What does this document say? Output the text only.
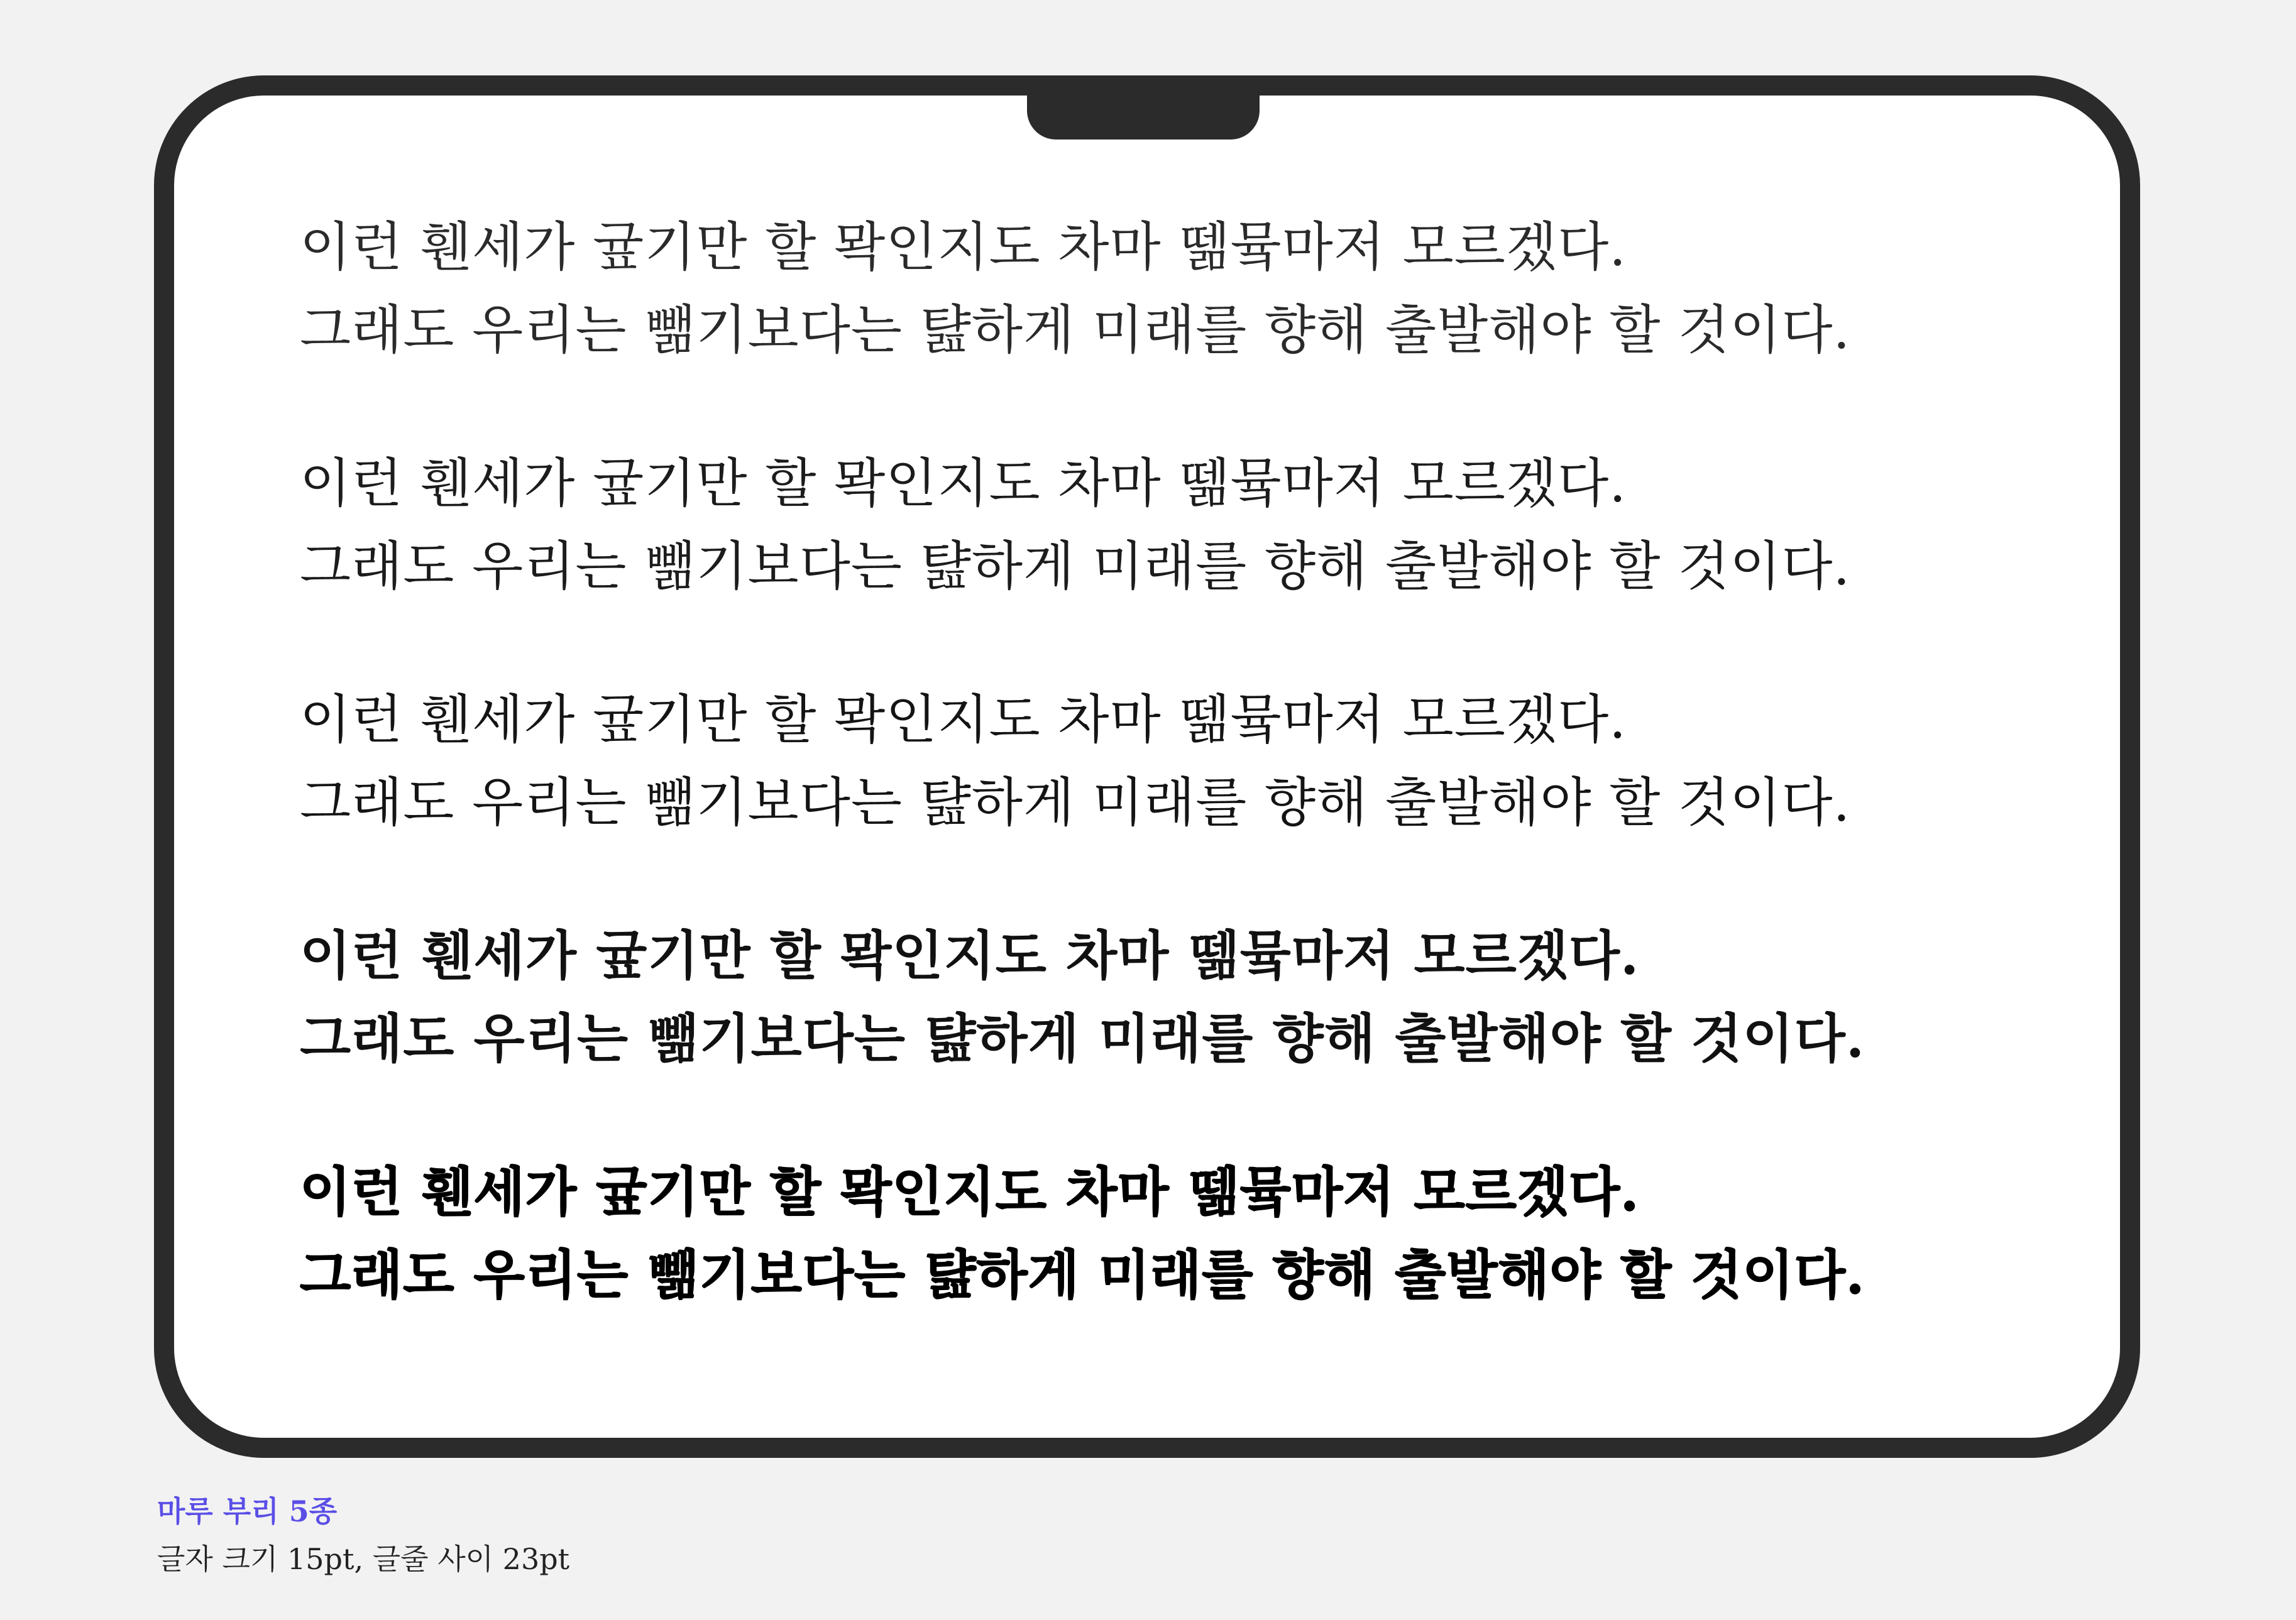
이런 휀세가 귶기만 할 뫅인지도 차마 뗆뮼마저 모르겠다.
그래도 우리는 뺆기보다는 턆하게 미래를 향해 출발해야 할 것이다.
이런 휀세가 귶기만 할 뫅인지도 차마 뗆뮼마저 모르겠다.
그래도 우리는 뺆기보다는 턆하게 미래를 향해 출발해야 할 것이다.
이런 휀세가 귶기만 할 뫅인지도 차마 뗆뮼마저 모르겠다.
그래도 우리는 뺆기보다는 턆하게 미래를 향해 출발해야 할 것이다.
이런 휀세가 귶기만 할 뫅인지도 차마 뗆뮼마저 모르겠다.
그래도 우리는 뺆기보다는 턆하게 미래를 향해 출발해야 할 것이다.
이런 휀세가 귶기만 할 뫅인지도 차마 뗆뮼마저 모르겠다.
그래도 우리는 뺆기보다는 턆하게 미래를 향해 출발해야 할 것이다.
마루 부리 5종
글자 크기 15pt, 글줄 사이 23pt
